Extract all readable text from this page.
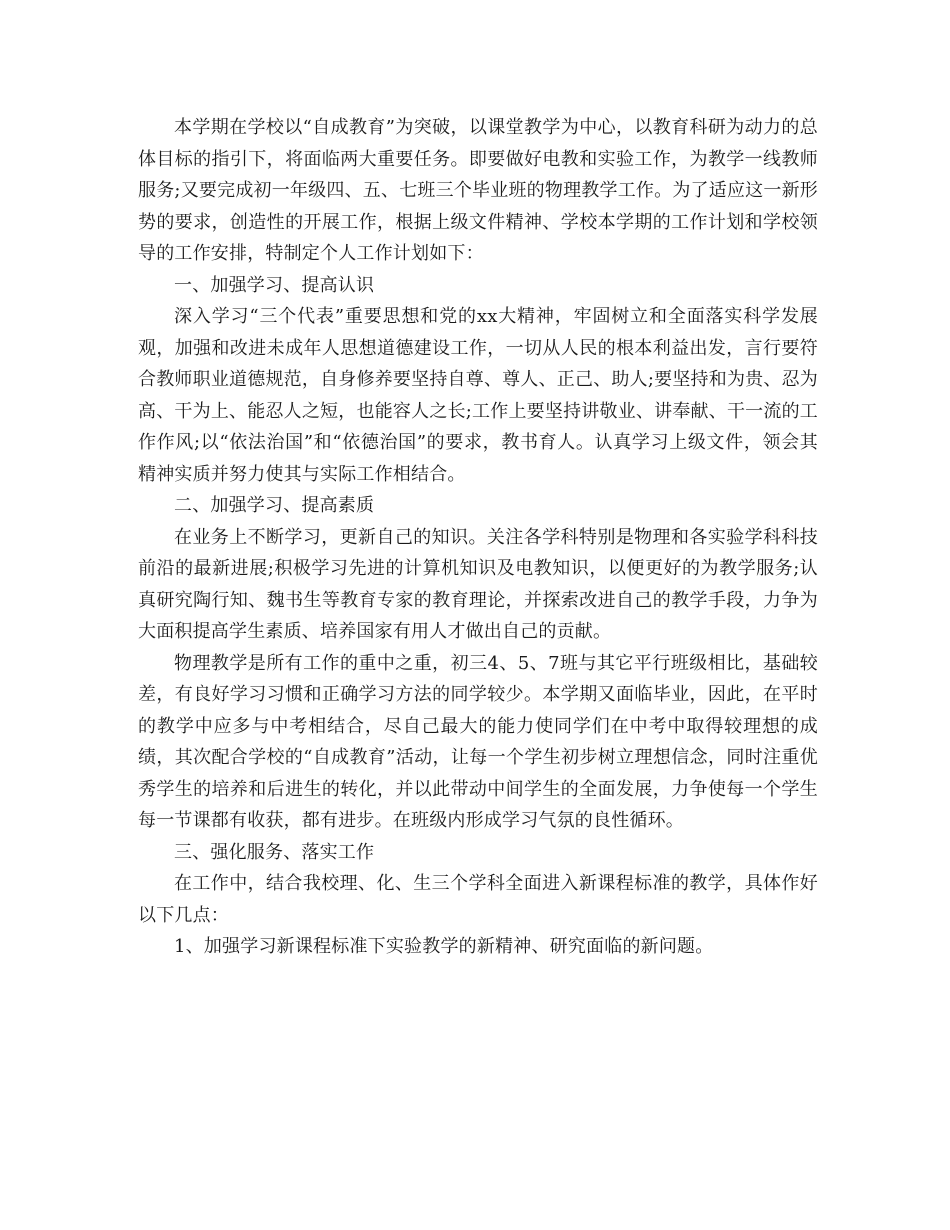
本学期在学校以“自成教育”为突破，以课堂教学为中心，以教育科研为动力的总体目标的指引下，将面临两大重要任务。即要做好电教和实验工作，为教学一线教师服务;又要完成初一年级四、五、七班三个毕业班的物理教学工作。为了适应这一新形势的要求，创造性的开展工作，根据上级文件精神、学校本学期的工作计划和学校领导的工作安排，特制定个人工作计划如下：

一、加强学习、提高认识

深入学习“三个代表”重要思想和党的xx大精神，牢固树立和全面落实科学发展观，加强和改进未成年人思想道德建设工作，一切从人民的根本利益出发，言行要符合教师职业道德规范，自身修养要坚持自尊、尊人、正己、助人;要坚持和为贵、忍为高、干为上、能忍人之短，也能容人之长;工作上要坚持讲敬业、讲奉献、干一流的工作作风;以“依法治国”和“依德治国”的要求，教书育人。认真学习上级文件，领会其精神实质并努力使其与实际工作相结合。

二、加强学习、提高素质

在业务上不断学习，更新自己的知识。关注各学科特别是物理和各实验学科科技前沿的最新进展;积极学习先进的计算机知识及电教知识，以便更好的为教学服务;认真研究陶行知、魏书生等教育专家的教育理论，并探索改进自己的教学手段，力争为大面积提高学生素质、培养国家有用人才做出自己的贡献。

物理教学是所有工作的重中之重，初三4、5、7班与其它平行班级相比，基础较差，有良好学习习惯和正确学习方法的同学较少。本学期又面临毕业，因此，在平时的教学中应多与中考相结合，尽自己最大的能力使同学们在中考中取得较理想的成绩，其次配合学校的“自成教育”活动，让每一个学生初步树立理想信念，同时注重优秀学生的培养和后进生的转化，并以此带动中间学生的全面发展，力争使每一个学生每一节课都有收获，都有进步。在班级内形成学习气氛的良性循环。

三、强化服务、落实工作

在工作中，结合我校理、化、生三个学科全面进入新课程标准的教学，具体作好以下几点：

1、加强学习新课程标准下实验教学的新精神、研究面临的新问题。
